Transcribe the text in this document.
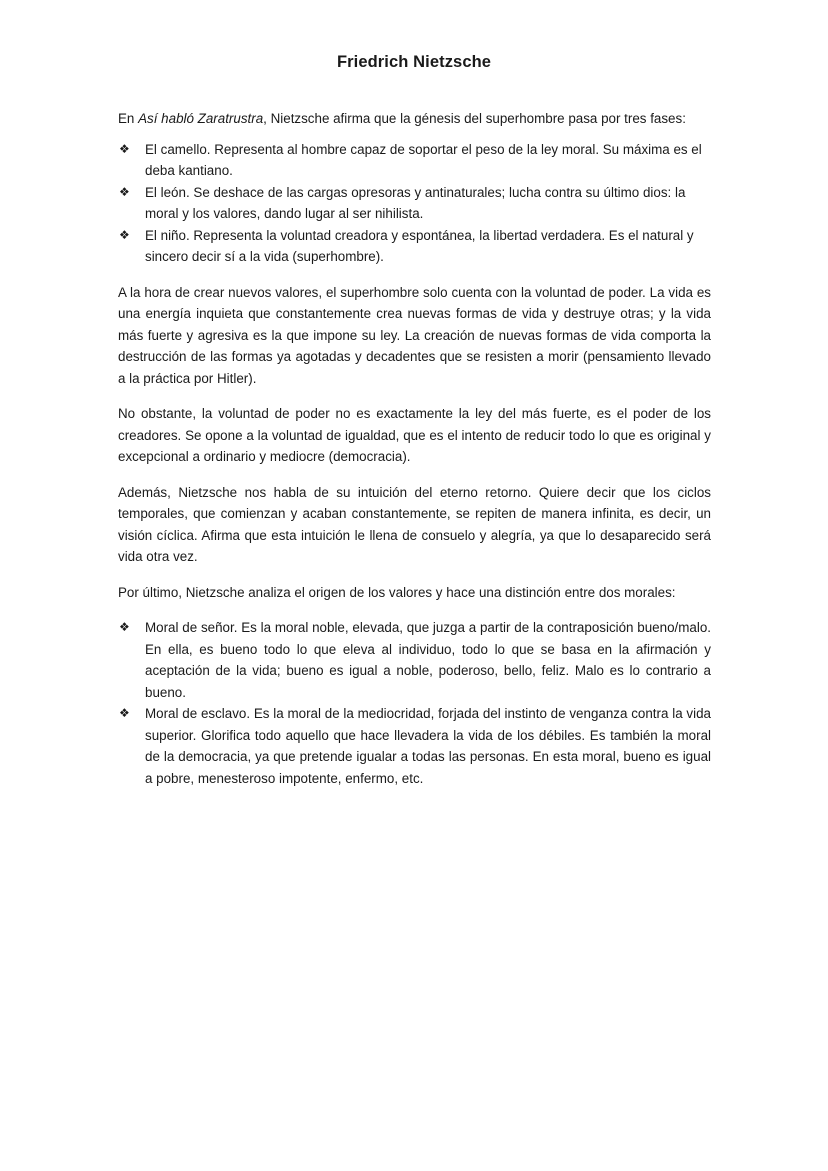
Friedrich Nietzsche

En Así habló Zaratrustra, Nietzsche afirma que la génesis del superhombre pasa por tres fases:

❖ El camello. Representa al hombre capaz de soportar el peso de la ley moral. Su máxima es el deba kantiano.
❖ El león. Se deshace de las cargas opresoras y antinaturales; lucha contra su último dios: la moral y los valores, dando lugar al ser nihilista.
❖ El niño. Representa la voluntad creadora y espontánea, la libertad verdadera. Es el natural y sincero decir sí a la vida (superhombre).

A la hora de crear nuevos valores, el superhombre solo cuenta con la voluntad de poder. La vida es una energía inquieta que constantemente crea nuevas formas de vida y destruye otras; y la vida más fuerte y agresiva es la que impone su ley. La creación de nuevas formas de vida comporta la destrucción de las formas ya agotadas y decadentes que se resisten a morir (pensamiento llevado a la práctica por Hitler).

No obstante, la voluntad de poder no es exactamente la ley del más fuerte, es el poder de los creadores. Se opone a la voluntad de igualdad, que es el intento de reducir todo lo que es original y excepcional a ordinario y mediocre (democracia).

Además, Nietzsche nos habla de su intuición del eterno retorno. Quiere decir que los ciclos temporales, que comienzan y acaban constantemente, se repiten de manera infinita, es decir, un visión cíclica. Afirma que esta intuición le llena de consuelo y alegría, ya que lo desaparecido será vida otra vez.

Por último, Nietzsche analiza el origen de los valores y hace una distinción entre dos morales:

❖ Moral de señor. Es la moral noble, elevada, que juzga a partir de la contraposición bueno/malo. En ella, es bueno todo lo que eleva al individuo, todo lo que se basa en la afirmación y aceptación de la vida; bueno es igual a noble, poderoso, bello, feliz. Malo es lo contrario a bueno.
❖ Moral de esclavo. Es la moral de la mediocridad, forjada del instinto de venganza contra la vida superior. Glorifica todo aquello que hace llevadera la vida de los débiles. Es también la moral de la democracia, ya que pretende igualar a todas las personas. En esta moral, bueno es igual a pobre, menesteroso impotente, enfermo, etc.
